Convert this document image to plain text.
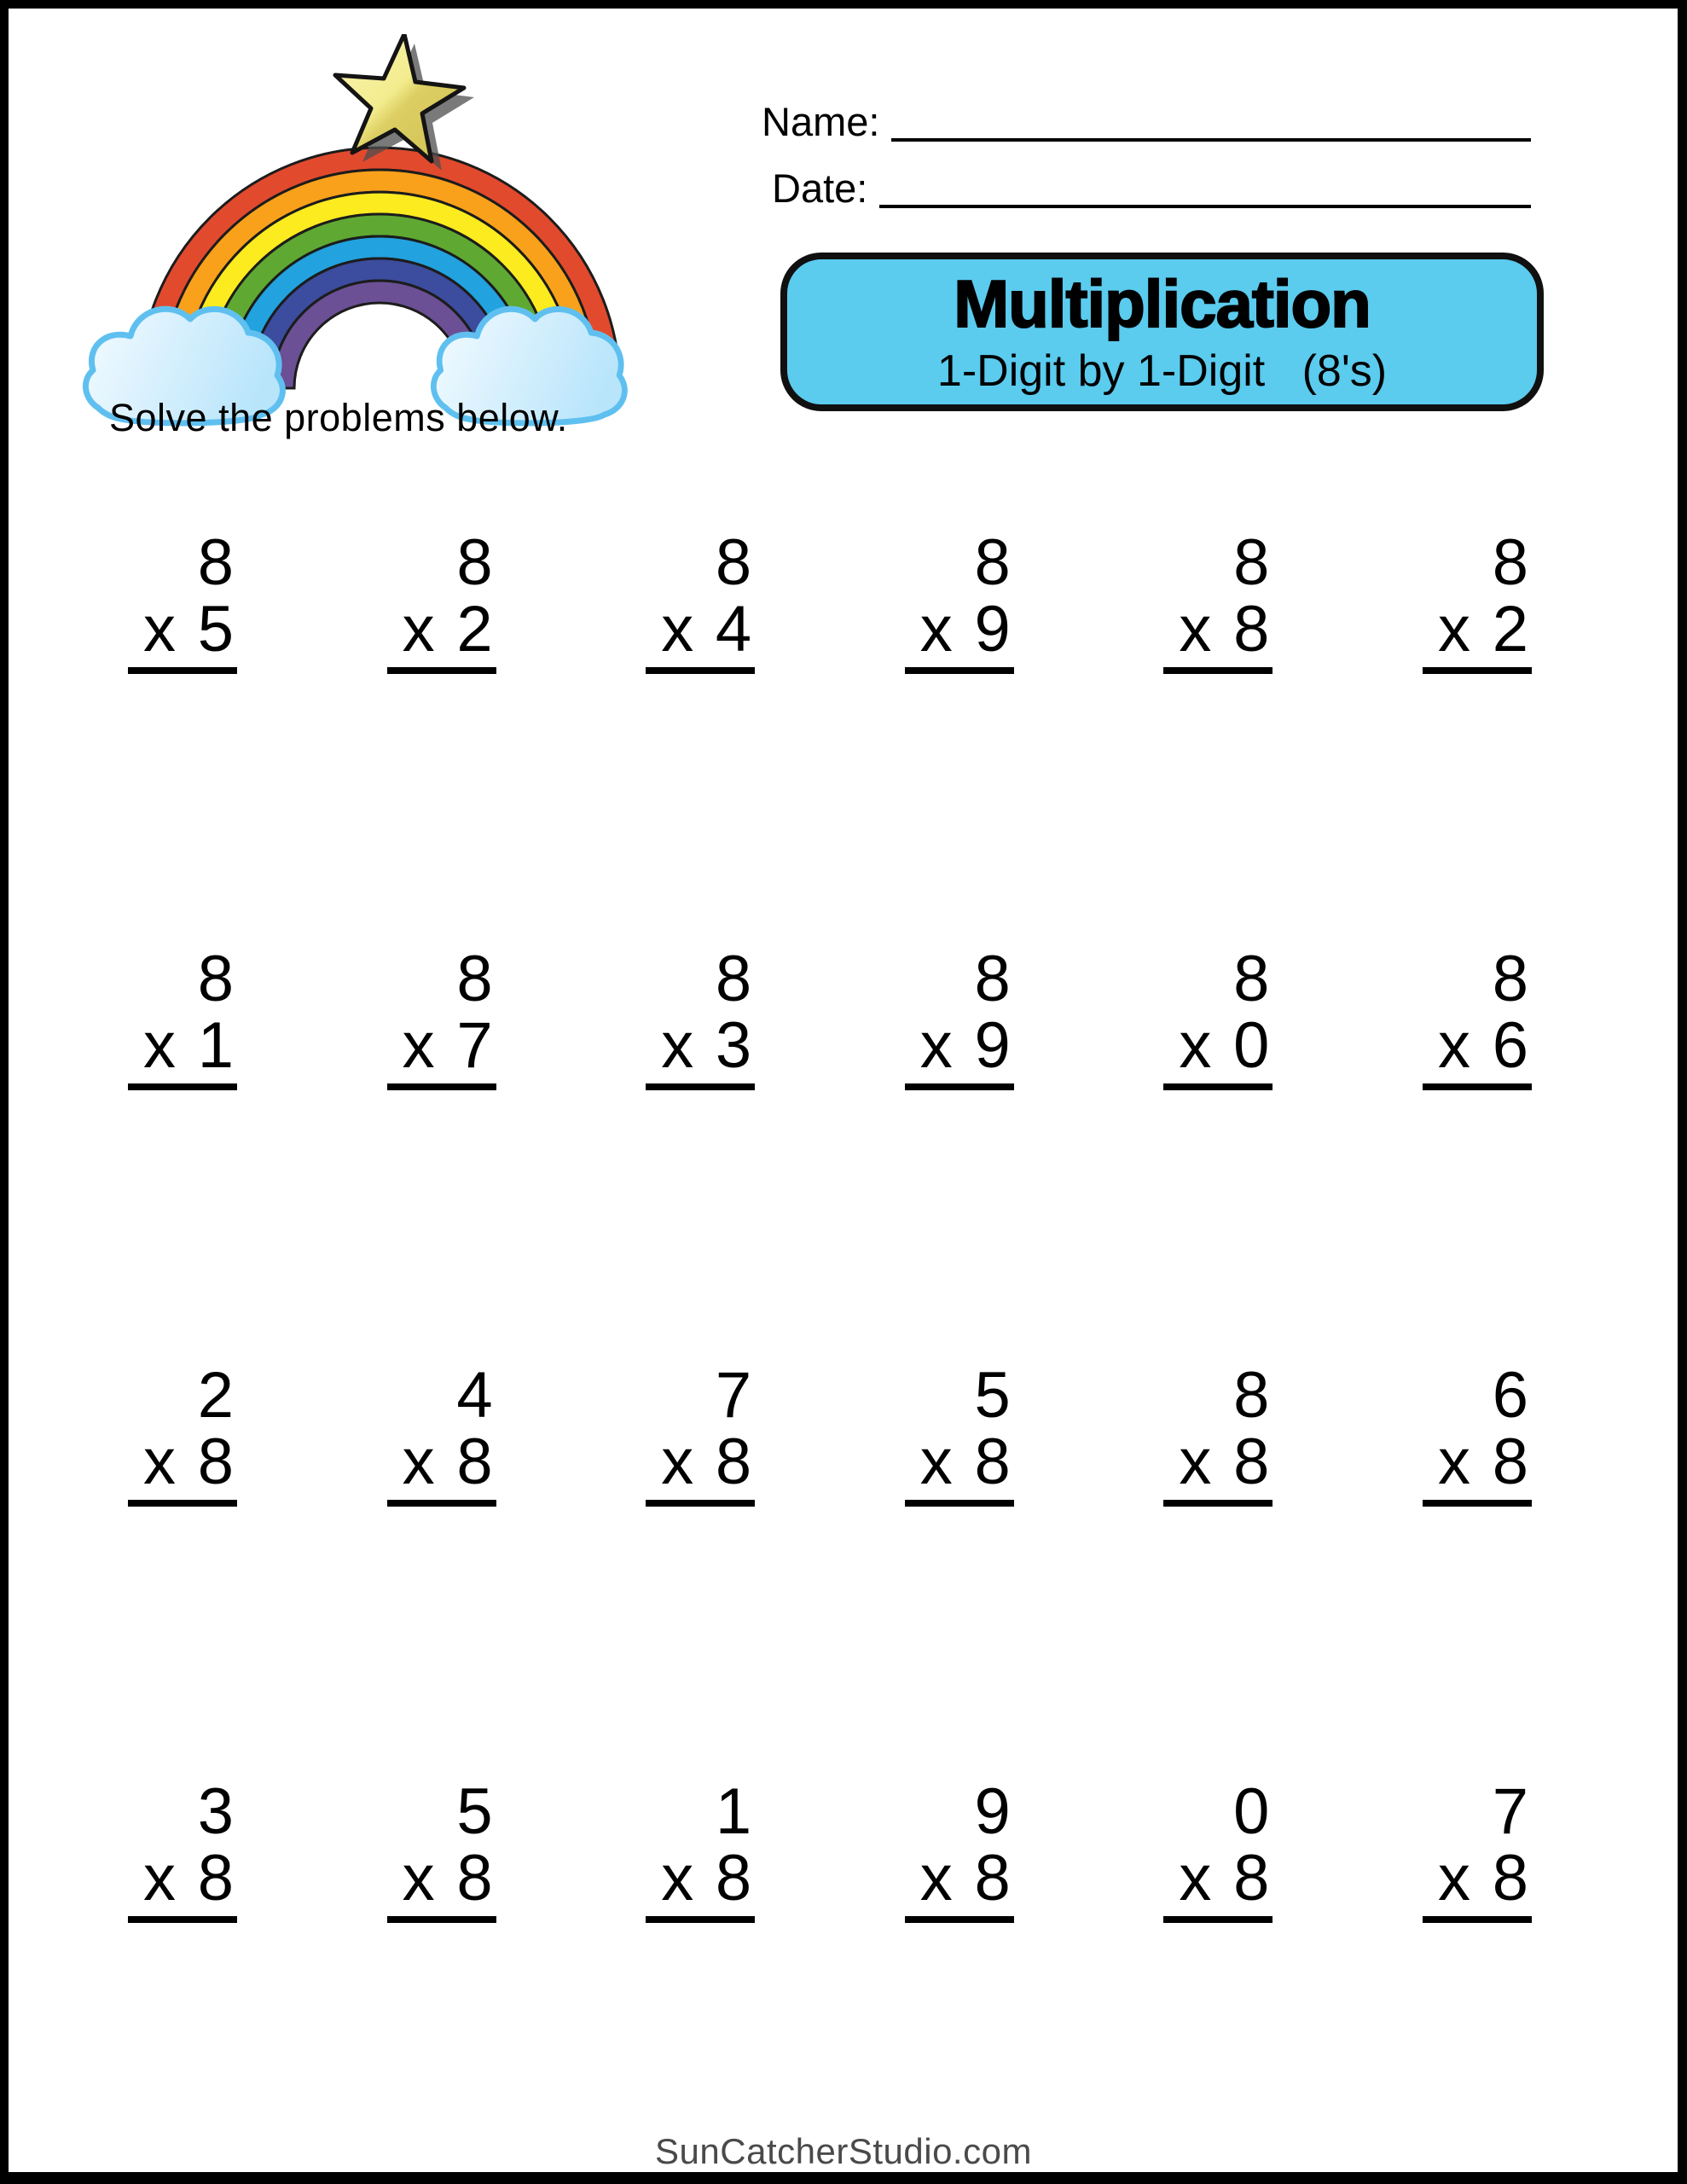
Solve the problems below.
Name:
Date:
Multiplication
1-Digit by 1-Digit   (8's)
8
x 5
8
x 2
8
x 4
8
x 9
8
x 8
8
x 2
8
x 1
8
x 7
8
x 3
8
x 9
8
x 0
8
x 6
2
x 8
4
x 8
7
x 8
5
x 8
8
x 8
6
x 8
3
x 8
5
x 8
1
x 8
9
x 8
0
x 8
7
x 8
SunCatcherStudio.com
